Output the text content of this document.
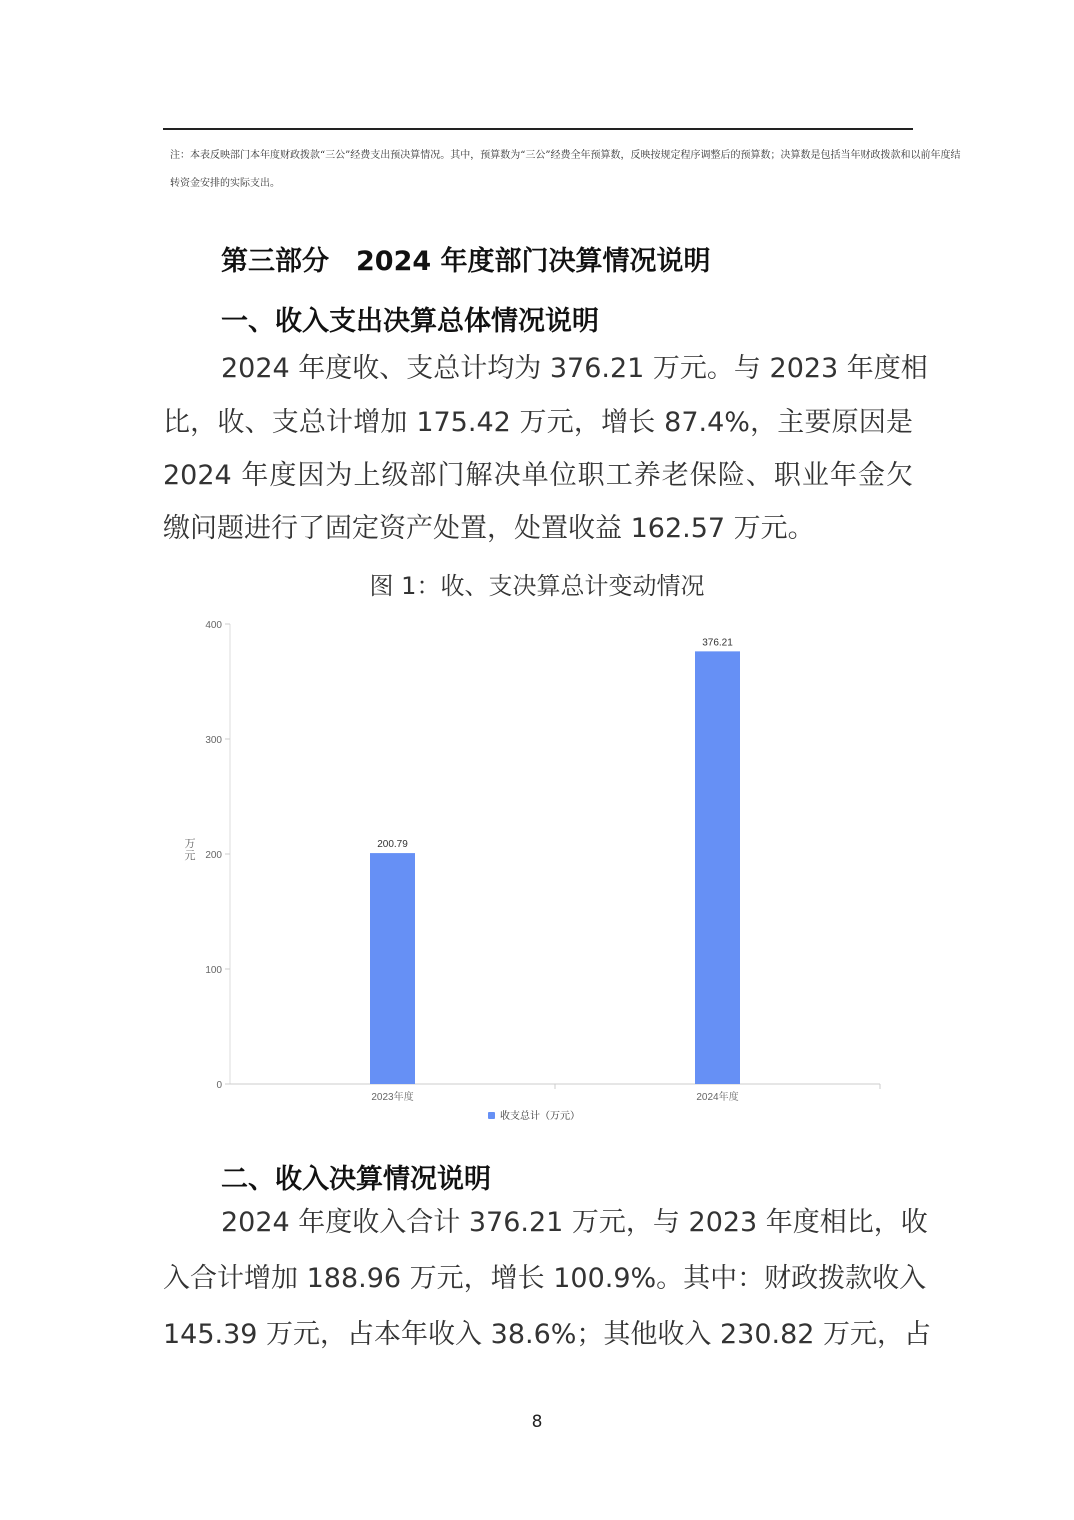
注：本表反映部门本年度财政拨款“三公”经费支出预决算情况。其中，预算数为“三公”经费全年预算数，反映按规定程序调整后的预算数；决算数是包括当年财政拨款和以前年度结
转资金安排的实际支出。
第三部分　2024 年度部门决算情况说明
一、收入支出决算总体情况说明
2024 年度收、支总计均为 376.21 万元。与 2023 年度相
比，收、支总计增加 175.42 万元，增长 87.4%，主要原因是
2024 年度因为上级部门解决单位职工养老保险、职业年金欠
缴问题进行了固定资产处置，处置收益 162.57 万元。
图 1：收、支决算总计变动情况
0
100
200
300
400
万
元
200.79
2023年度
376.21
2024年度
收支总计（万元）
二、收入决算情况说明
2024 年度收入合计 376.21 万元，与 2023 年度相比，收
入合计增加 188.96 万元，增长 100.9%。其中：财政拨款收入
145.39 万元，占本年收入 38.6%；其他收入 230.82 万元，占
8
